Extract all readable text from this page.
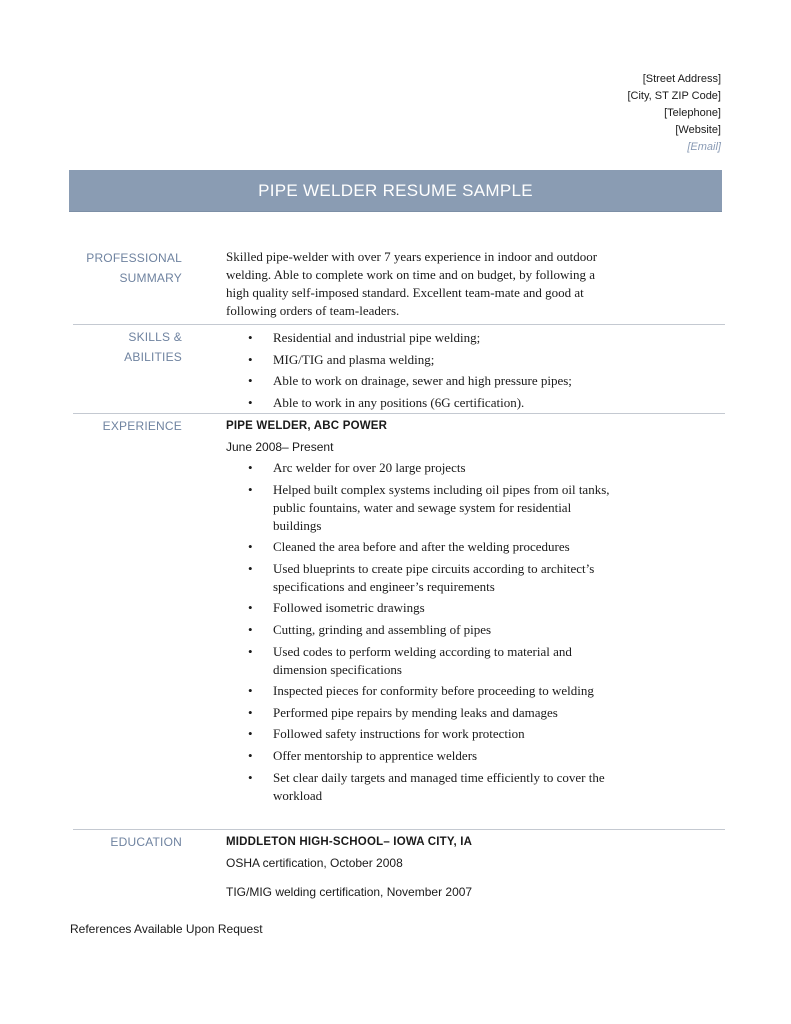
[Street Address]
[City, ST ZIP Code]
[Telephone]
[Website]
[Email]
PIPE WELDER RESUME SAMPLE
PROFESSIONAL
SUMMARY
Skilled pipe-welder with over 7 years experience in indoor and outdoor
welding. Able to complete work on time and on budget, by following a
high quality self-imposed standard. Excellent team-mate and good at
following orders of team-leaders.
SKILLS & ABILITIES
• Residential and industrial pipe welding;
• MIG/TIG and plasma welding;
• Able to work on drainage, sewer and high pressure pipes;
• Able to work in any positions (6G certification).
EXPERIENCE	PIPE WELDER, ABC POWER
June 2008– Present
• Arc welder for over 20 large projects
• Helped built complex systems including oil pipes from oil tanks,
public fountains, water and sewage system for residential
buildings
• Cleaned the area before and after the welding procedures
• Used blueprints to create pipe circuits according to architect’s
specifications and engineer’s requirements
• Followed isometric drawings
• Cutting, grinding and assembling of pipes
• Used codes to perform welding according to material and
dimension specifications
• Inspected pieces for conformity before proceeding to welding
• Performed pipe repairs by mending leaks and damages
• Followed safety instructions for work protection
• Offer mentorship to apprentice welders
• Set clear daily targets and managed time efficiently to cover the
workload
EDUCATION	MIDDLETON HIGH-SCHOOL– IOWA CITY, IA
OSHA certification, October 2008
TIG/MIG welding certification, November 2007
References Available Upon Request
